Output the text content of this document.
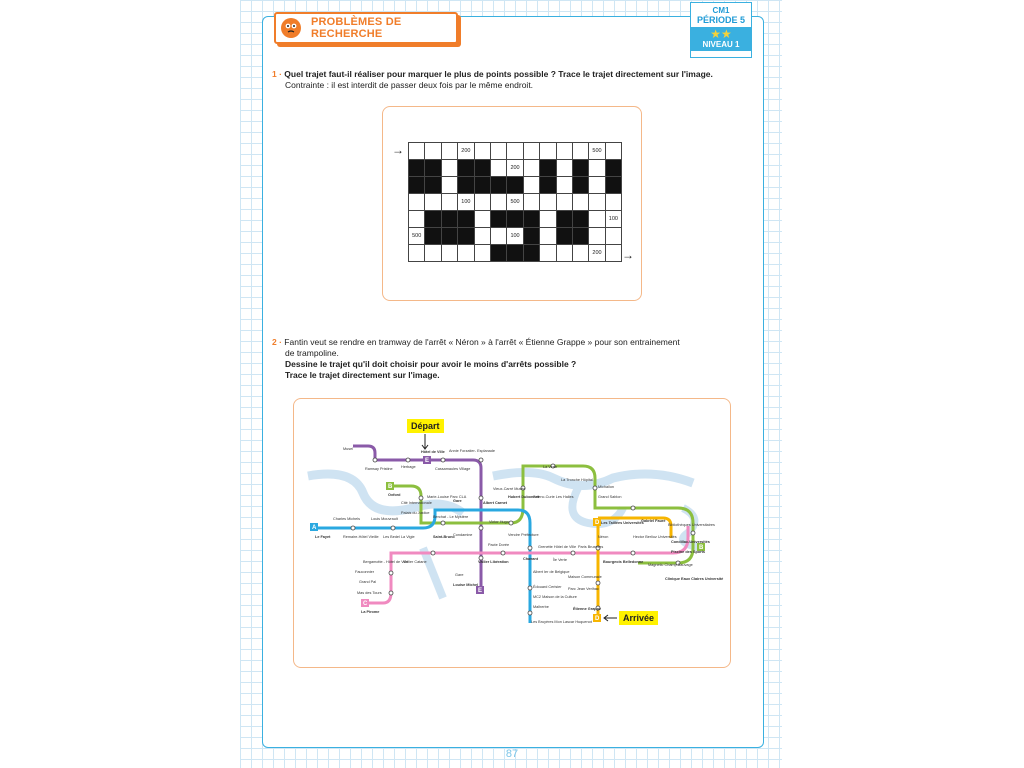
PROBLÈMES DE RECHERCHE
CM1
PÉRIODE 5
★★
NIVEAU 1
1 · Quel trajet faut-il réaliser pour marquer le plus de points possible ? Trace le trajet directement sur l'image.
Contrainte : il est interdit de passer deux fois par le même endroit.
→
→
			200								500	
						200						

			100			500						
												100
500						100						
											200	
2 · Fantin veut se rendre en tramway de l'arrêt « Néron » à l'arrêt « Étienne Grappe » pour son entrainement
de trampoline.
Dessine le trajet qu'il doit choisir pour avoir le moins d'arrêts possible ?
Trace le trajet directement sur l'image.
A
B
C
D
D
E
E
B
Musel
Hôtel de Ville
Ramsay Pristine Herbage	Cassamaules Village
Annie Forzatier- Esplanade
Oxford
Cité Internationale
Marie-Louise Parc CLA
Palais du Justice
Berchat - Le Mystère
Gare	Albert Carnet
Hubert Dubonnet
Victor Hugo
Vieux-Carré Musée
Scienc-Curie Les Halles
Le Fayet
Charles Michels	Louis Mouvrault
Remaire-Hôtel Vieille Les Bedel La Vigie	Saint-Bruno
Condamine
Pacte Dorée
Vendre Préfecture
Chavant
Grenette Hôtel de Ville Paris Bruxelles
La Verte
La Tronche Hôpital
Michallon
Grand Sablon
Les Taillées Universités
Gabriel Fauré
Bibliothèques Universitaires
Condillac-Universités
Piscine des Sports
Hector Berlioz Universités
Bergamotte - Hôtel de Ville
Vallier Catane
Fauconnier
Grand Pal
Mas des Tours
La Pirome
Gare
Louise Michel
Vallier Libération
Albert Ier de Belgique
Édouard Cerisier
MC2 Maison de la Culture
Malherbe
Les Bruyères Mon Lascar Huquenot
Bourgeois Belledonne
Maison Communale
Parc Jean Verlhac
Étienne Grappe
Magnetic Champ Sauvage
Clinique Eaux Claires Université
Île Verte
Néron
Départ
Arrivée
87
